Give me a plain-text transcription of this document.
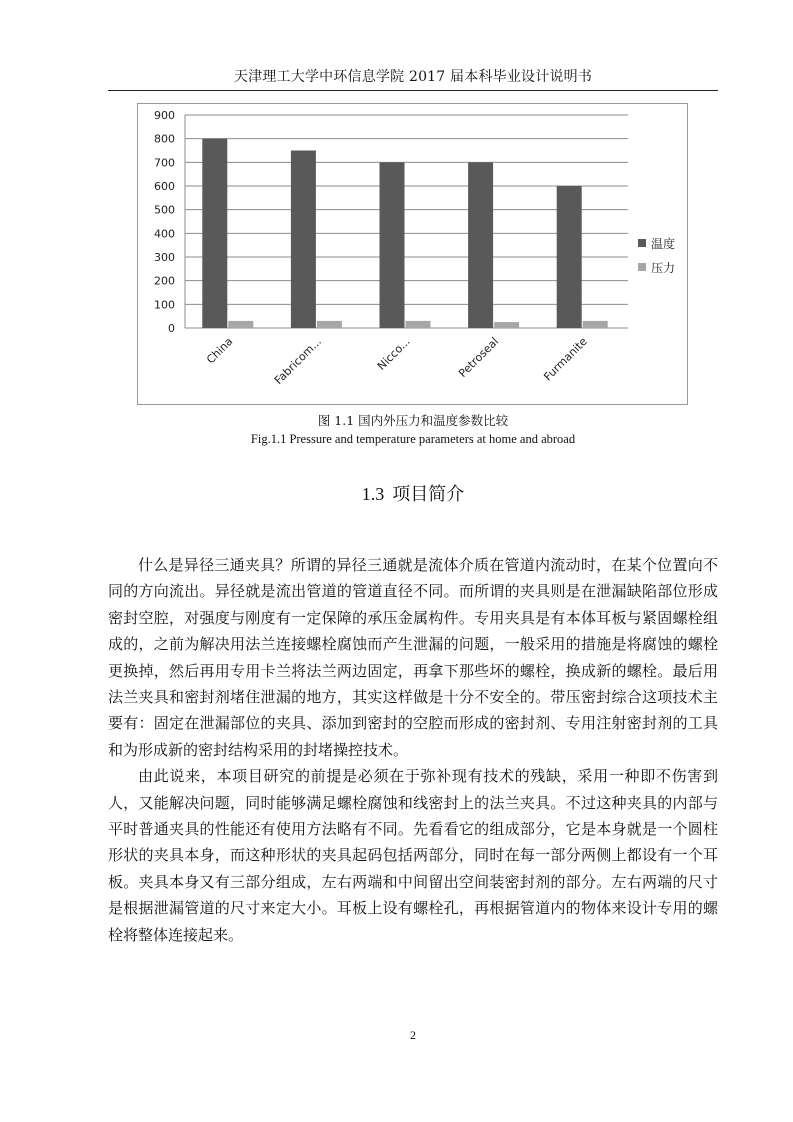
天津理工大学中环信息学院 2017 届本科毕业设计说明书
0
100
200
300
400
500
600
700
800
900
China	Fabricom...	Nicco...	Petroseal	Furmanite
温度
压力
图 1.1 国内外压力和温度参数比较
Fig.1.1 Pressure and temperature parameters at home and abroad
1.3 项目简介

什么是异径三通夹具？所谓的异径三通就是流体介质在管道内流动时，在某个位置向不同的方向流出。异径就是流出管道的管道直径不同。而所谓的夹具则是在泄漏缺陷部位形成密封空腔，对强度与刚度有一定保障的承压金属构件。专用夹具是有本体耳板与紧固螺栓组成的，之前为解决用法兰连接螺栓腐蚀而产生泄漏的问题，一般采用的措施是将腐蚀的螺栓更换掉，然后再用专用卡兰将法兰两边固定，再拿下那些坏的螺栓，换成新的螺栓。最后用法兰夹具和密封剂堵住泄漏的地方，其实这样做是十分不安全的。带压密封综合这项技术主要有：固定在泄漏部位的夹具、添加到密封的空腔而形成的密封剂、专用注射密封剂的工具和为形成新的密封结构采用的封堵操控技术。

由此说来，本项目研究的前提是必须在于弥补现有技术的残缺，采用一种即不伤害到人，又能解决问题，同时能够满足螺栓腐蚀和线密封上的法兰夹具。不过这种夹具的内部与平时普通夹具的性能还有使用方法略有不同。先看看它的组成部分，它是本身就是一个圆柱形状的夹具本身，而这种形状的夹具起码包括两部分，同时在每一部分两侧上都设有一个耳板。夹具本身又有三部分组成，左右两端和中间留出空间装密封剂的部分。左右两端的尺寸是根据泄漏管道的尺寸来定大小。耳板上设有螺栓孔，再根据管道内的物体来设计专用的螺栓将整体连接起来。

2
